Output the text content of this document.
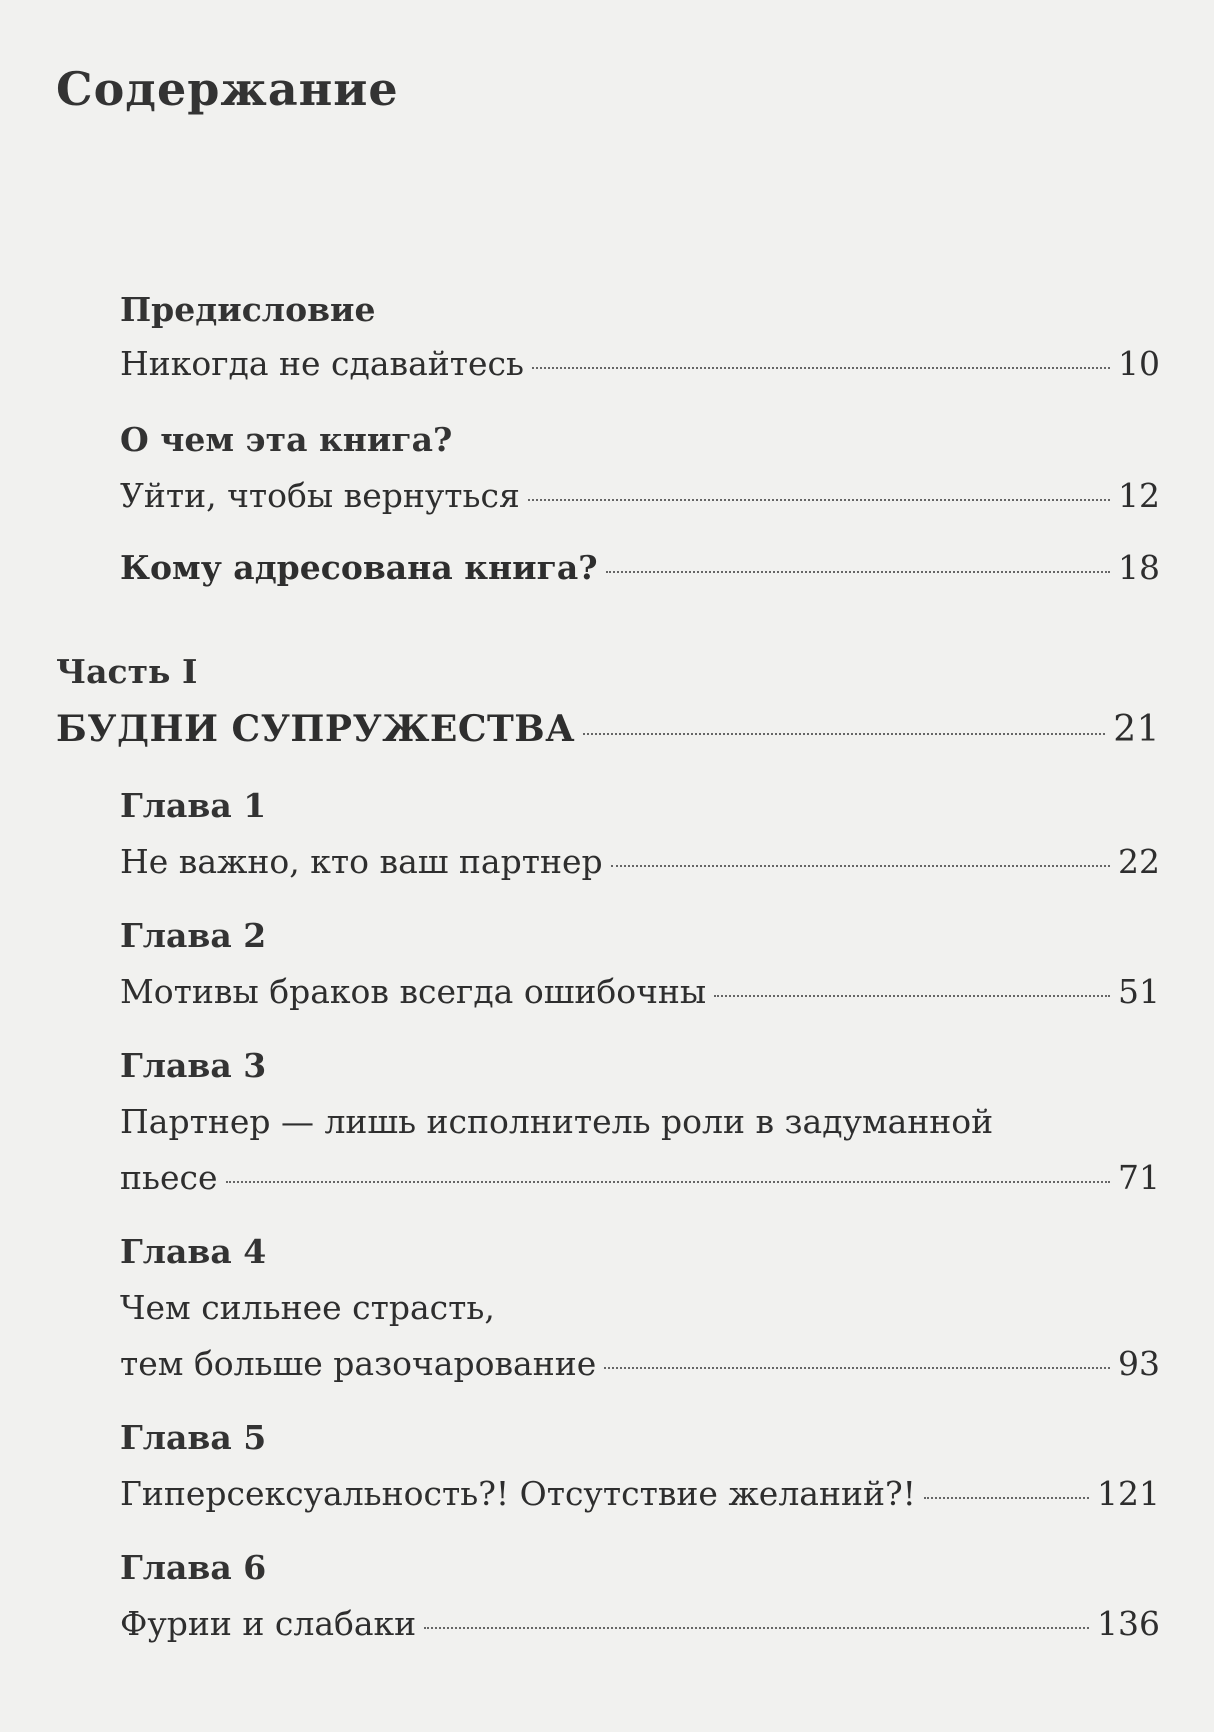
Содержание
Предисловие
Никогда не сдавайтесь	10
О чем эта книга?
Уйти, чтобы вернуться	12
Кому адресована книга?	18
Часть I
БУДНИ СУПРУЖЕСТВА	21
Глава 1
Не важно, кто ваш партнер	22
Глава 2
Мотивы браков всегда ошибочны	51
Глава 3
Партнер — лишь исполнитель роли в задуманной
пьесе	71
Глава 4
Чем сильнее страсть,
тем больше разочарование	93
Глава 5
Гиперсексуальность?! Отсутствие желаний?!	121
Глава 6
Фурии и слабаки	136
